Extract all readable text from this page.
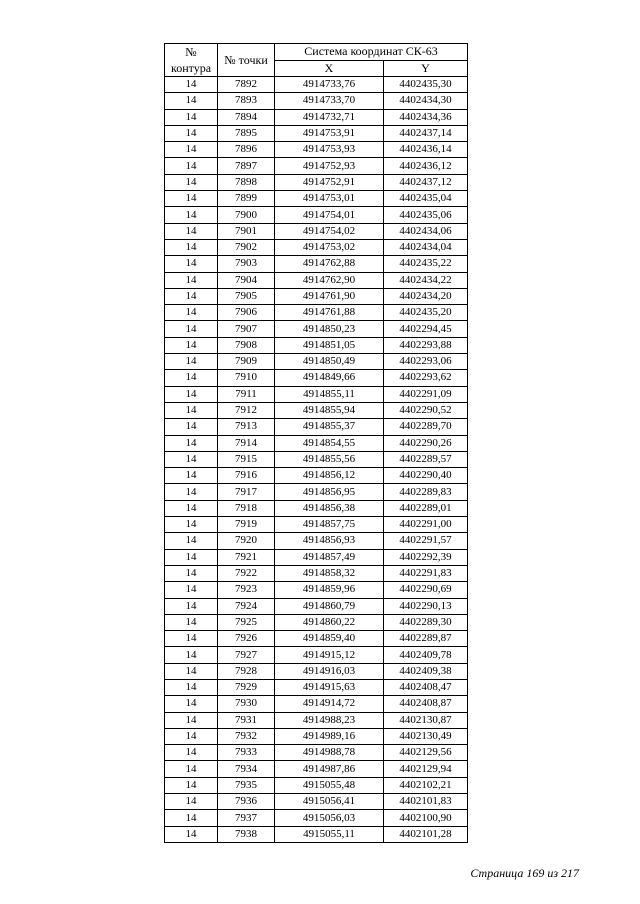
№ контура	№ точки	Система координат СК-63	
		X	Y
14	7892	4914733,76	4402435,30
14	7893	4914733,70	4402434,30
14	7894	4914732,71	4402434,36
14	7895	4914753,91	4402437,14
14	7896	4914753,93	4402436,14
14	7897	4914752,93	4402436,12
14	7898	4914752,91	4402437,12
14	7899	4914753,01	4402435,04
14	7900	4914754,01	4402435,06
14	7901	4914754,02	4402434,06
14	7902	4914753,02	4402434,04
14	7903	4914762,88	4402435,22
14	7904	4914762,90	4402434,22
14	7905	4914761,90	4402434,20
14	7906	4914761,88	4402435,20
14	7907	4914850,23	4402294,45
14	7908	4914851,05	4402293,88
14	7909	4914850,49	4402293,06
14	7910	4914849,66	4402293,62
14	7911	4914855,11	4402291,09
14	7912	4914855,94	4402290,52
14	7913	4914855,37	4402289,70
14	7914	4914854,55	4402290,26
14	7915	4914855,56	4402289,57
14	7916	4914856,12	4402290,40
14	7917	4914856,95	4402289,83
14	7918	4914856,38	4402289,01
14	7919	4914857,75	4402291,00
14	7920	4914856,93	4402291,57
14	7921	4914857,49	4402292,39
14	7922	4914858,32	4402291,83
14	7923	4914859,96	4402290,69
14	7924	4914860,79	4402290,13
14	7925	4914860,22	4402289,30
14	7926	4914859,40	4402289,87
14	7927	4914915,12	4402409,78
14	7928	4914916,03	4402409,38
14	7929	4914915,63	4402408,47
14	7930	4914914,72	4402408,87
14	7931	4914988,23	4402130,87
14	7932	4914989,16	4402130,49
14	7933	4914988,78	4402129,56
14	7934	4914987,86	4402129,94
14	7935	4915055,48	4402102,21
14	7936	4915056,41	4402101,83
14	7937	4915056,03	4402100,90
14	7938	4915055,11	4402101,28
Страница 169 из 217
